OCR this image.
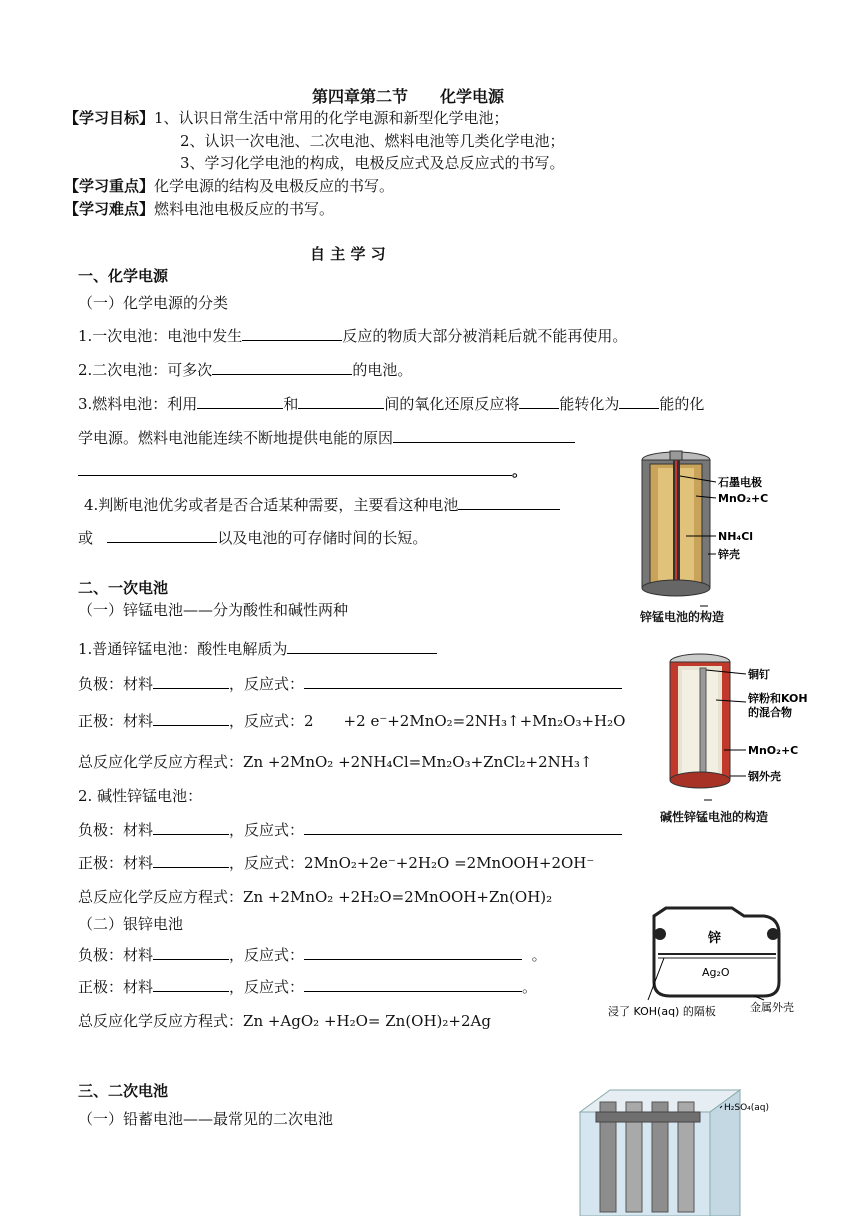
第四章第二节　　化学电源
【学习目标】1、认识日常生活中常用的化学电源和新型化学电池；
2、认识一次电池、二次电池、燃料电池等几类化学电池；
3、学习化学电池的构成，电极反应式及总反应式的书写。
【学习重点】化学电源的结构及电极反应的书写。
【学习难点】燃料电池电极反应的书写。
自 主 学 习
一、化学电源
（一）化学电源的分类
1.一次电池：电池中发生	反应的物质大部分被消耗后就不能再使用。
2.二次电池：可多次	的电池。
3.燃料电池：利用	和	间的氧化还原反应将	能转化为	能的化
学电源。燃料电池能连续不断地提供电能的原因
。
4.判断电池优劣或者是否合适某种需要，主要看这种电池
或	以及电池的可存储时间的长短。
石墨电极
MnO₂+C
NH₄Cl
锌壳
锌锰电池的构造
二、一次电池
（一）锌锰电池——分为酸性和碱性两种
1.普通锌锰电池：酸性电解质为
负极：材料	，反应式：
正极：材料	，反应式：2　　+2 e⁻+2MnO₂=2NH₃↑+Mn₂O₃+H₂O
总反应化学反应方程式：Zn +2MnO₂ +2NH₄Cl=Mn₂O₃+ZnCl₂+2NH₃↑
2. 碱性锌锰电池：
负极：材料	，反应式：
正极：材料	，反应式：2MnO₂+2e⁻+2H₂O =2MnOOH+2OH⁻
总反应化学反应方程式：Zn +2MnO₂ +2H₂O=2MnOOH+Zn(OH)₂
（二）银锌电池
负极：材料	，反应式：	。
正极：材料	，反应式：	。
总反应化学反应方程式：Zn +AgO₂ +H₂O= Zn(OH)₂+2Ag
铜钉
锌粉和KOH
的混合物
MnO₂+C
钢外壳
碱性锌锰电池的构造
锌
Ag₂O
浸了 KOH(aq) 的隔板	金属外壳
三、二次电池
（一）铅蓄电池——最常见的二次电池
H₂SO₄(aq)
